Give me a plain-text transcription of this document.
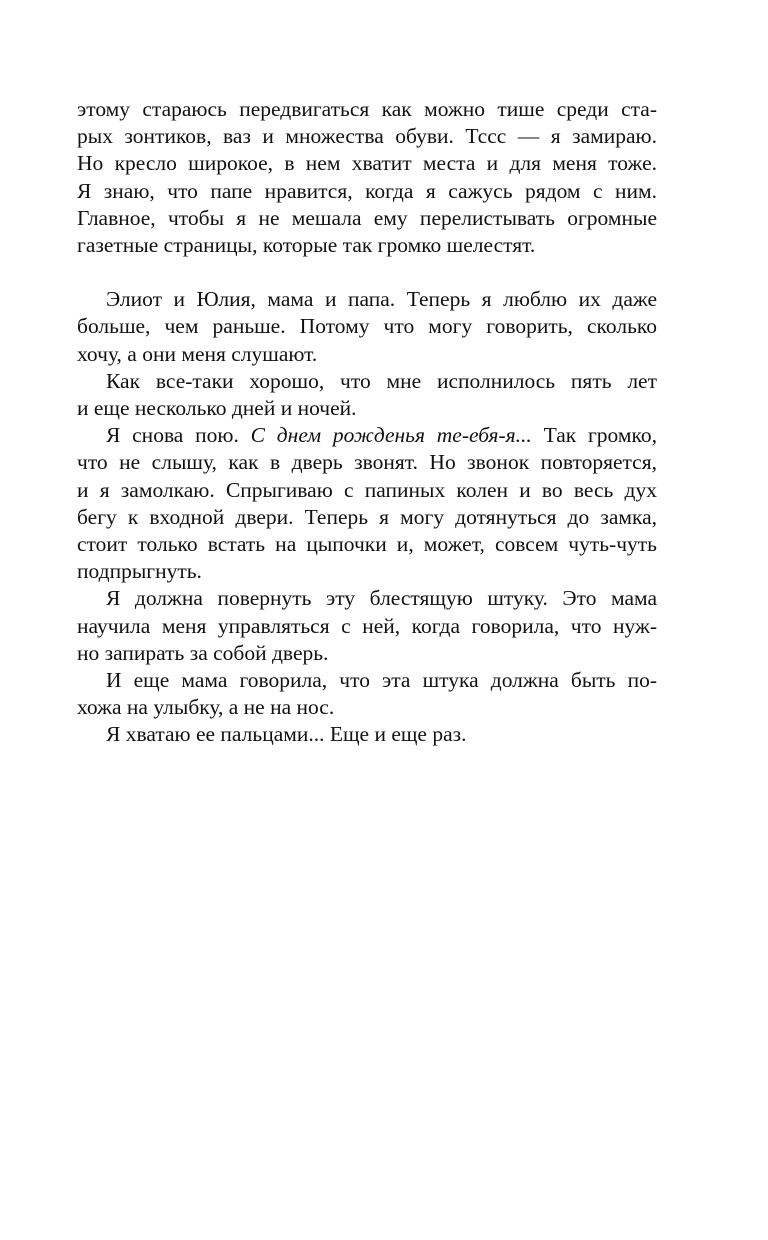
этому стараюсь передвигаться как можно тише среди ста-
рых зонтиков, ваз и множества обуви. Тссс — я замираю.
Но кресло широкое, в нем хватит места и для меня тоже.
Я знаю, что папе нравится, когда я сажусь рядом с ним.
Главное, чтобы я не мешала ему перелистывать огромные
газетные страницы, которые так громко шелестят.

Элиот и Юлия, мама и папа. Теперь я люблю их даже
больше, чем раньше. Потому что могу говорить, сколько
хочу, а они меня слушают.

Как все-таки хорошо, что мне исполнилось пять лет
и еще несколько дней и ночей.

Я снова пою. С днем рожденья те-ебя-я... Так громко,
что не слышу, как в дверь звонят. Но звонок повторяется,
и я замолкаю. Спрыгиваю с папиных колен и во весь дух
бегу к входной двери. Теперь я могу дотянуться до замка,
стоит только встать на цыпочки и, может, совсем чуть-чуть
подпрыгнуть.

Я должна повернуть эту блестящую штуку. Это мама
научила меня управляться с ней, когда говорила, что нуж-
но запирать за собой дверь.

И еще мама говорила, что эта штука должна быть по-
хожа на улыбку, а не на нос.

Я хватаю ее пальцами... Еще и еще раз.
